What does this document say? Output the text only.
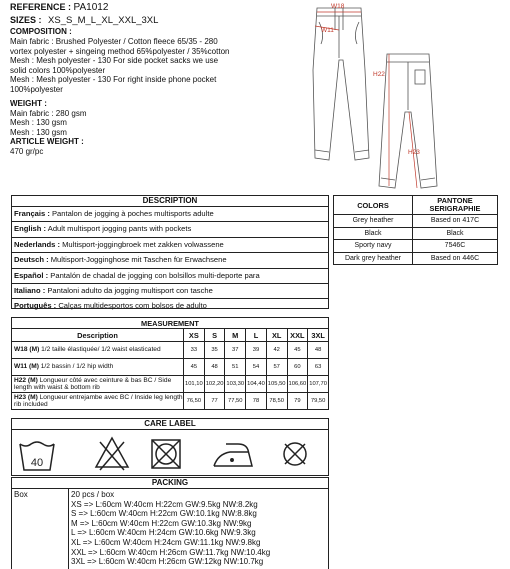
REFERENCE : PA1012
SIZES : XS_S_M_L_XL_XXL_3XL
COMPOSITION :
Main fabric : Brushed Polyester / Cotton fleece 65/35 - 280
vortex polyester + singeing method 65%polyester / 35%cotton
Mesh : Mesh polyester - 130 For side pocket sacks we use
solid colors 100%polyester
Mesh : Mesh polyester - 130 For right inside phone pocket
100%polyester
WEIGHT :
Main fabric : 280 gsm
Mesh : 130 gsm
Mesh : 130 gsm
ARTICLE WEIGHT :
470 gr/pc
W18
W11
H22
H23
DESCRIPTION
Français : Pantalon de jogging à poches multisports adulte
English : Adult multisport jogging pants with pockets
Nederlands : Multisport-joggingbroek met zakken volwassene
Deutsch : Multisport-Jogginghose mit Taschen für Erwachsene
Español : Pantalón de chadal de jogging con bolsillos multi-deporte para
Italiano : Pantaloni adulto da jogging multisport con tasche
Português : Calças multidesportos com bolsos de adulto
COLORS	PANTONE SERIGRAPHIE
Grey heather	Based on 417C
Black	Black
Sporty navy	7546C
Dark grey heather	Based on 446C
MEASUREMENT							
Description	XS	S	M	L	XL	XXL	3XL
W18 (M) 1/2 taille élastiquée/ 1/2 waist elasticated	33	35	37	39	42	45	48
W11 (M) 1/2 bassin / 1/2 hip width	45	48	51	54	57	60	63
H22 (M) Longueur côté avec ceinture & bas BC / Side length with waist & bottom rib	101,10	102,20	103,30	104,40	105,50	106,60	107,70
H23 (M) Longueur entrejambe avec BC / Inside leg length rib included	76,50	77	77,50	78	78,50	79	79,50
CARE LABEL
40
PACKING
Box	20 pcs / box
XS => L:60cm W:40cm H:22cm GW:9.5kg NW:8.2kg
S => L:60cm W:40cm H:22cm GW:10.1kg NW:8.8kg
M => L:60cm W:40cm H:22cm GW:10.3kg NW:9kg
L => L:60cm W:40cm H:24cm GW:10.6kg NW:9.3kg
XL => L:60cm W:40cm H:24cm GW:11.1kg NW:9.8kg
XXL => L:60cm W:40cm H:26cm GW:11.7kg NW:10.4kg
3XL => L:60cm W:40cm H:26cm GW:12kg NW:10.7kg
